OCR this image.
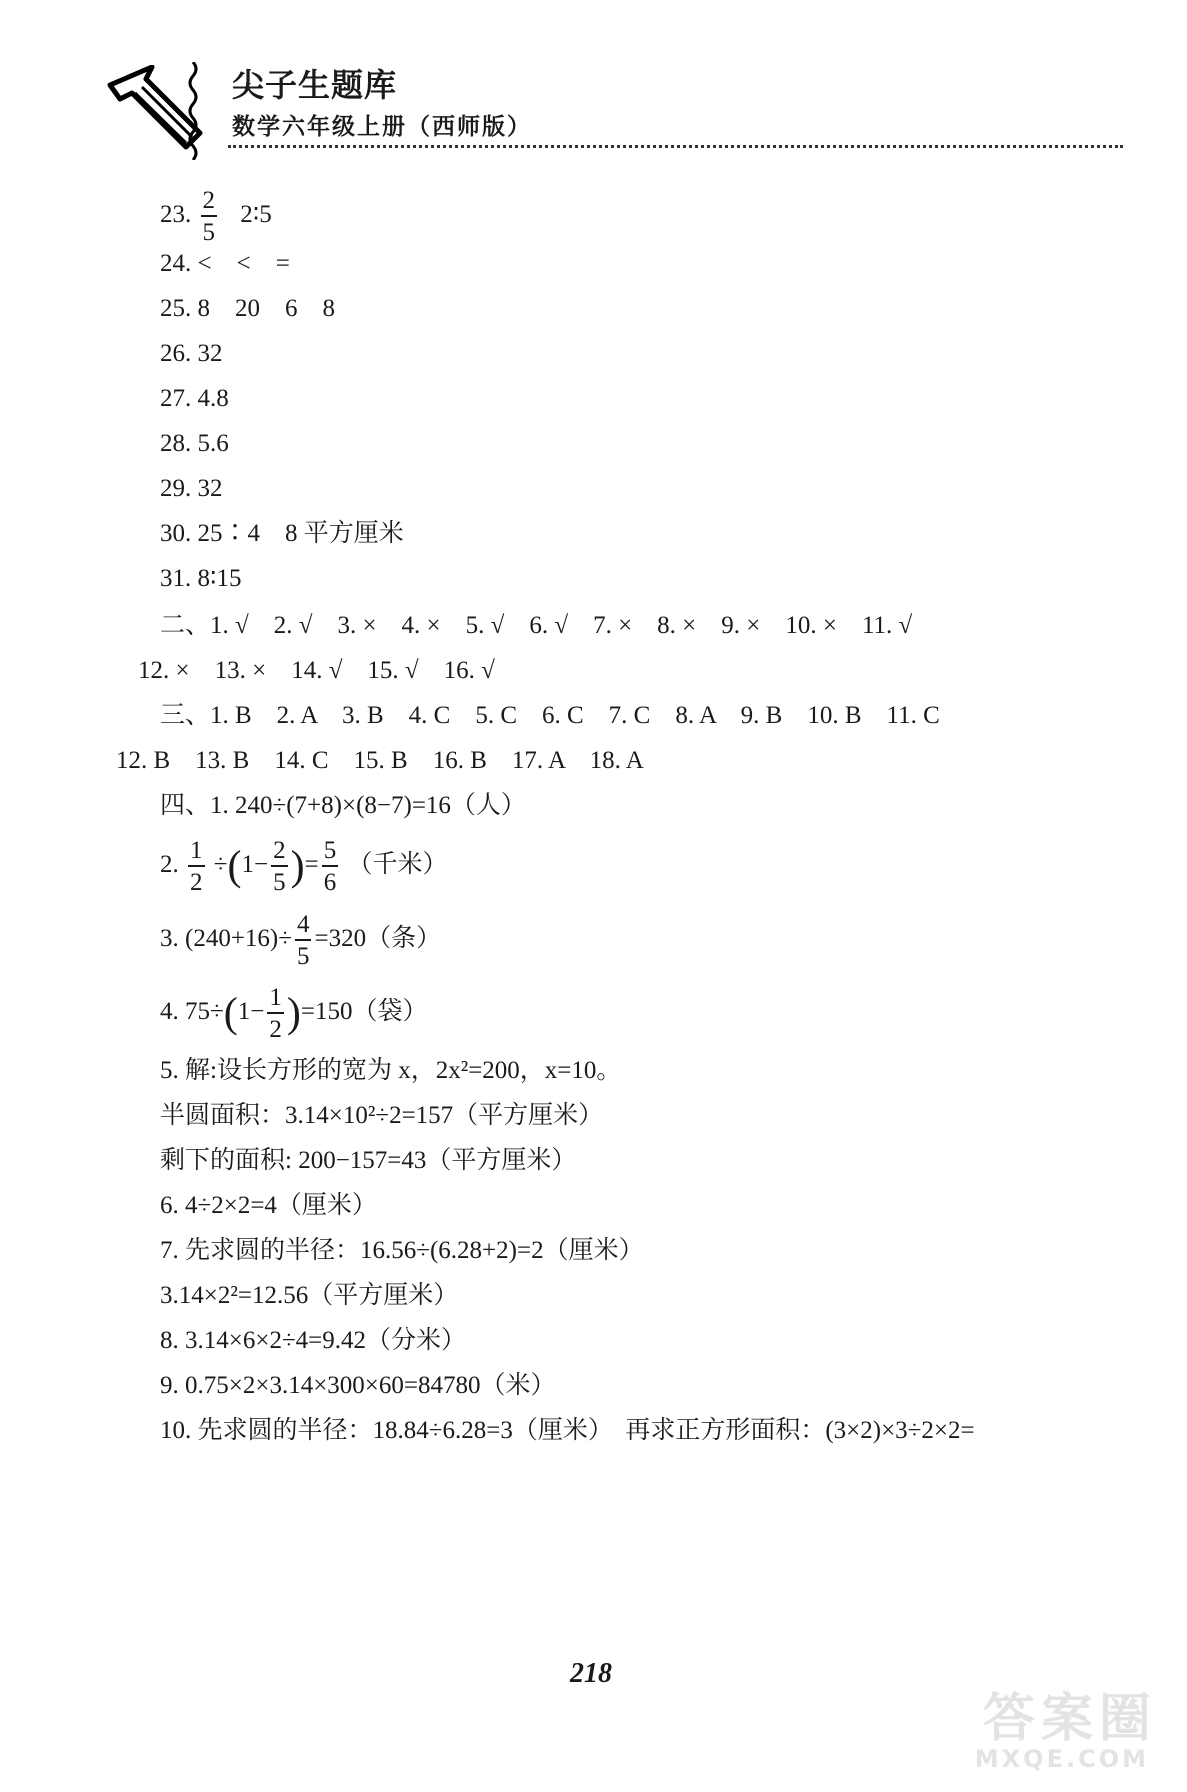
尖子生题库
数学六年级上册（西师版）
23. $\frac{2}{5}$ 2∶5
24. <　<　=
25. 8　20　6　8
26. 32
27. 4.8
28. 5.6
29. 32
30. 25∶4　8 平方厘米
31. 8∶15
二、1. √　2. √　3. ×　4. ×　5. √　6. √　7. ×　8. ×　9. ×　10. ×　11. √
12. ×　13. ×　14. √　15. √　16. √
三、1. B　2. A　3. B　4. C　5. C　6. C　7. C　8. A　9. B　10. B　11. C
12. B　13. B　14. C　15. B　16. B　17. A　18. A
四、1. 240÷(7+8)×(8−7)=16（人）
2. $\frac{1}{2} \div(1- \frac{2}{5}$ )= $\frac{5}{6}$ （千米）
3. $(240+16)\div \frac{4}{5} =320$（条）
4. $75\div(1- \frac{1}{2} )=150$（袋）
5. 解:设长方形的宽为 x，2x²=200，x=10。
半圆面积：3.14×10²÷2=157（平方厘米）
剩下的面积: 200−157=43（平方厘米）
6. 4÷2×2=4（厘米）
7. 先求圆的半径：16.56÷(6.28+2)=2（厘米）
3.14×2²=12.56（平方厘米）
8. 3.14×6×2÷4=9.42（分米）
9. 0.75×2×3.14×300×60=84780（米）
10. 先求圆的半径：18.84÷6.28=3（厘米）　再求正方形面积：(3×2)×3÷2×2=
218
答案圈
MXQE.COM
